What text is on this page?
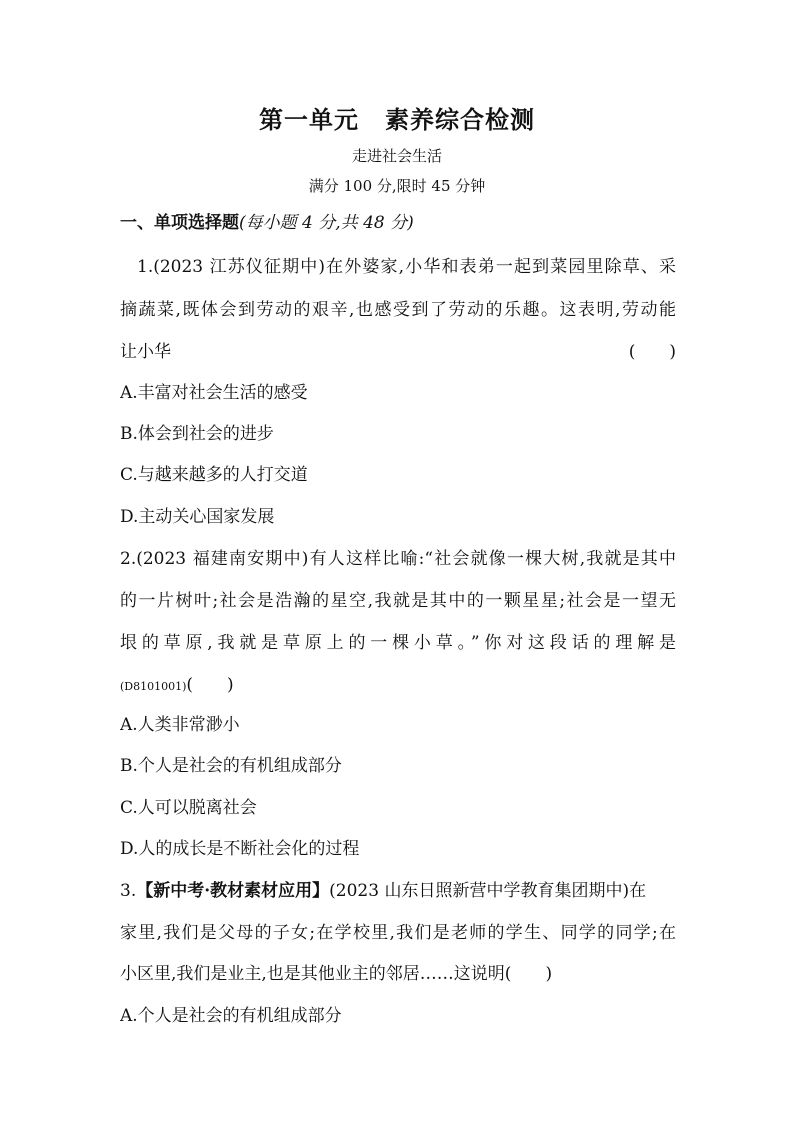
第一单元 素养综合检测
走进社会生活
满分 100 分,限时 45 分钟
一、单项选择题(每小题 4 分,共 48 分)
1.(2023 江苏仪征期中)在外婆家,小华和表弟一起到菜园里除草、采
摘蔬菜,既体会到劳动的艰辛,也感受到了劳动的乐趣。这表明,劳动能
让小华	(　　)
A.丰富对社会生活的感受
B.体会到社会的进步
C.与越来越多的人打交道
D.主动关心国家发展
2.(2023 福建南安期中)有人这样比喻:“社会就像一棵大树,我就是其中
的一片树叶;社会是浩瀚的星空,我就是其中的一颗星星;社会是一望无
垠的草原,我就是草原上的一棵小草。”你对这段话的理解是
(D8101001)(　　)
A.人类非常渺小
B.个人是社会的有机组成部分
C.人可以脱离社会
D.人的成长是不断社会化的过程
3.【新中考·教材素材应用】(2023 山东日照新营中学教育集团期中)在
家里,我们是父母的子女;在学校里,我们是老师的学生、同学的同学;在
小区里,我们是业主,也是其他业主的邻居……这说明(　　)
A.个人是社会的有机组成部分
